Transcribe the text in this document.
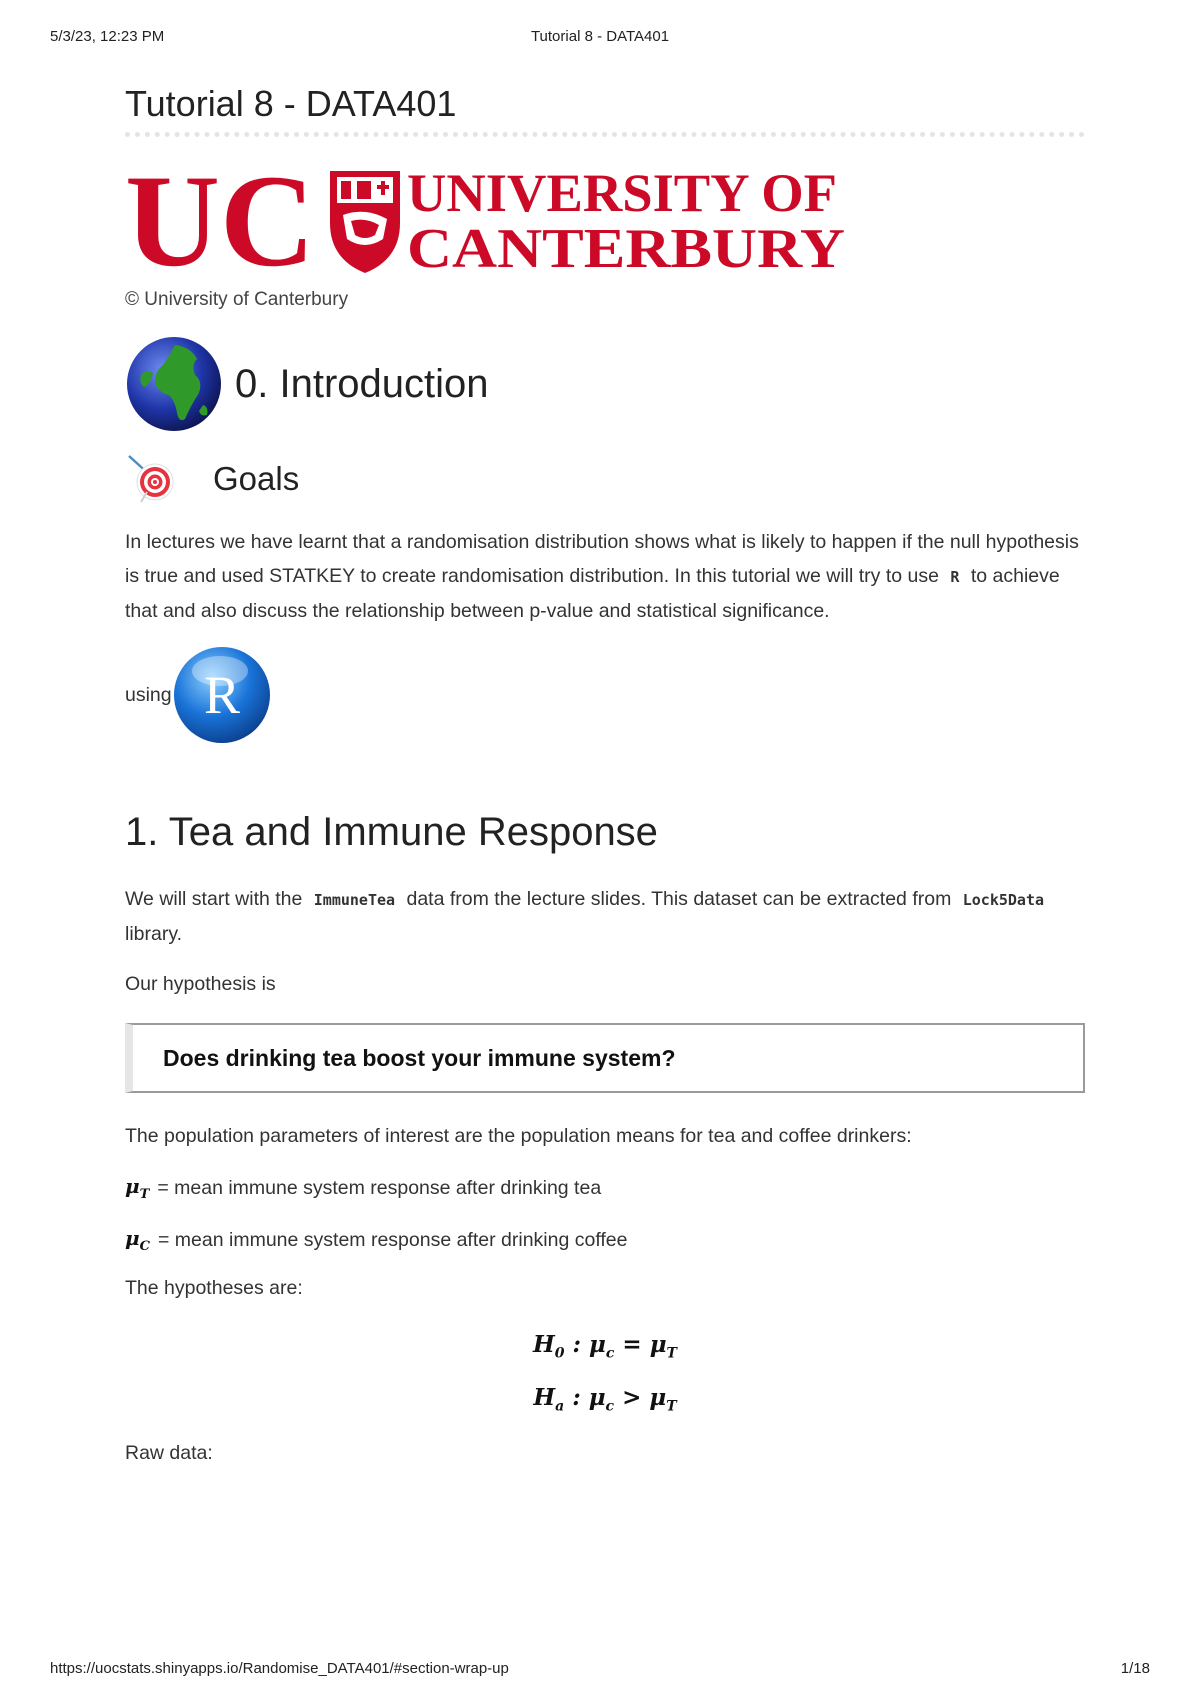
5/3/23, 12:23 PM	Tutorial 8 - DATA401
Tutorial 8 - DATA401
UC UNIVERSITY OF
CANTERBURY
© University of Canterbury
0. Introduction
Goals

In lectures we have learnt that a randomisation distribution shows what is likely to happen if the null hypothesis is true and used STATKEY to create randomisation distribution. In this tutorial we will try to use R to achieve that and also discuss the relationship between p-value and statistical significance.

using R
1. Tea and Immune Response

We will start with the ImmuneTea data from the lecture slides. This dataset can be extracted from Lock5Data library.

Our hypothesis is

Does drinking tea boost your immune system?

The population parameters of interest are the population means for tea and coffee drinkers:

$\mu_T$ = mean immune system response after drinking tea

$\mu_C$ = mean immune system response after drinking coffee

The hypotheses are:

$H_0$ : $\mu_c = \mu_T$
$H_a$ : $\mu_c > \mu_T$

Raw data:

https://uocstats.shinyapps.io/Randomise_DATA401/#section-wrap-up	1/18
